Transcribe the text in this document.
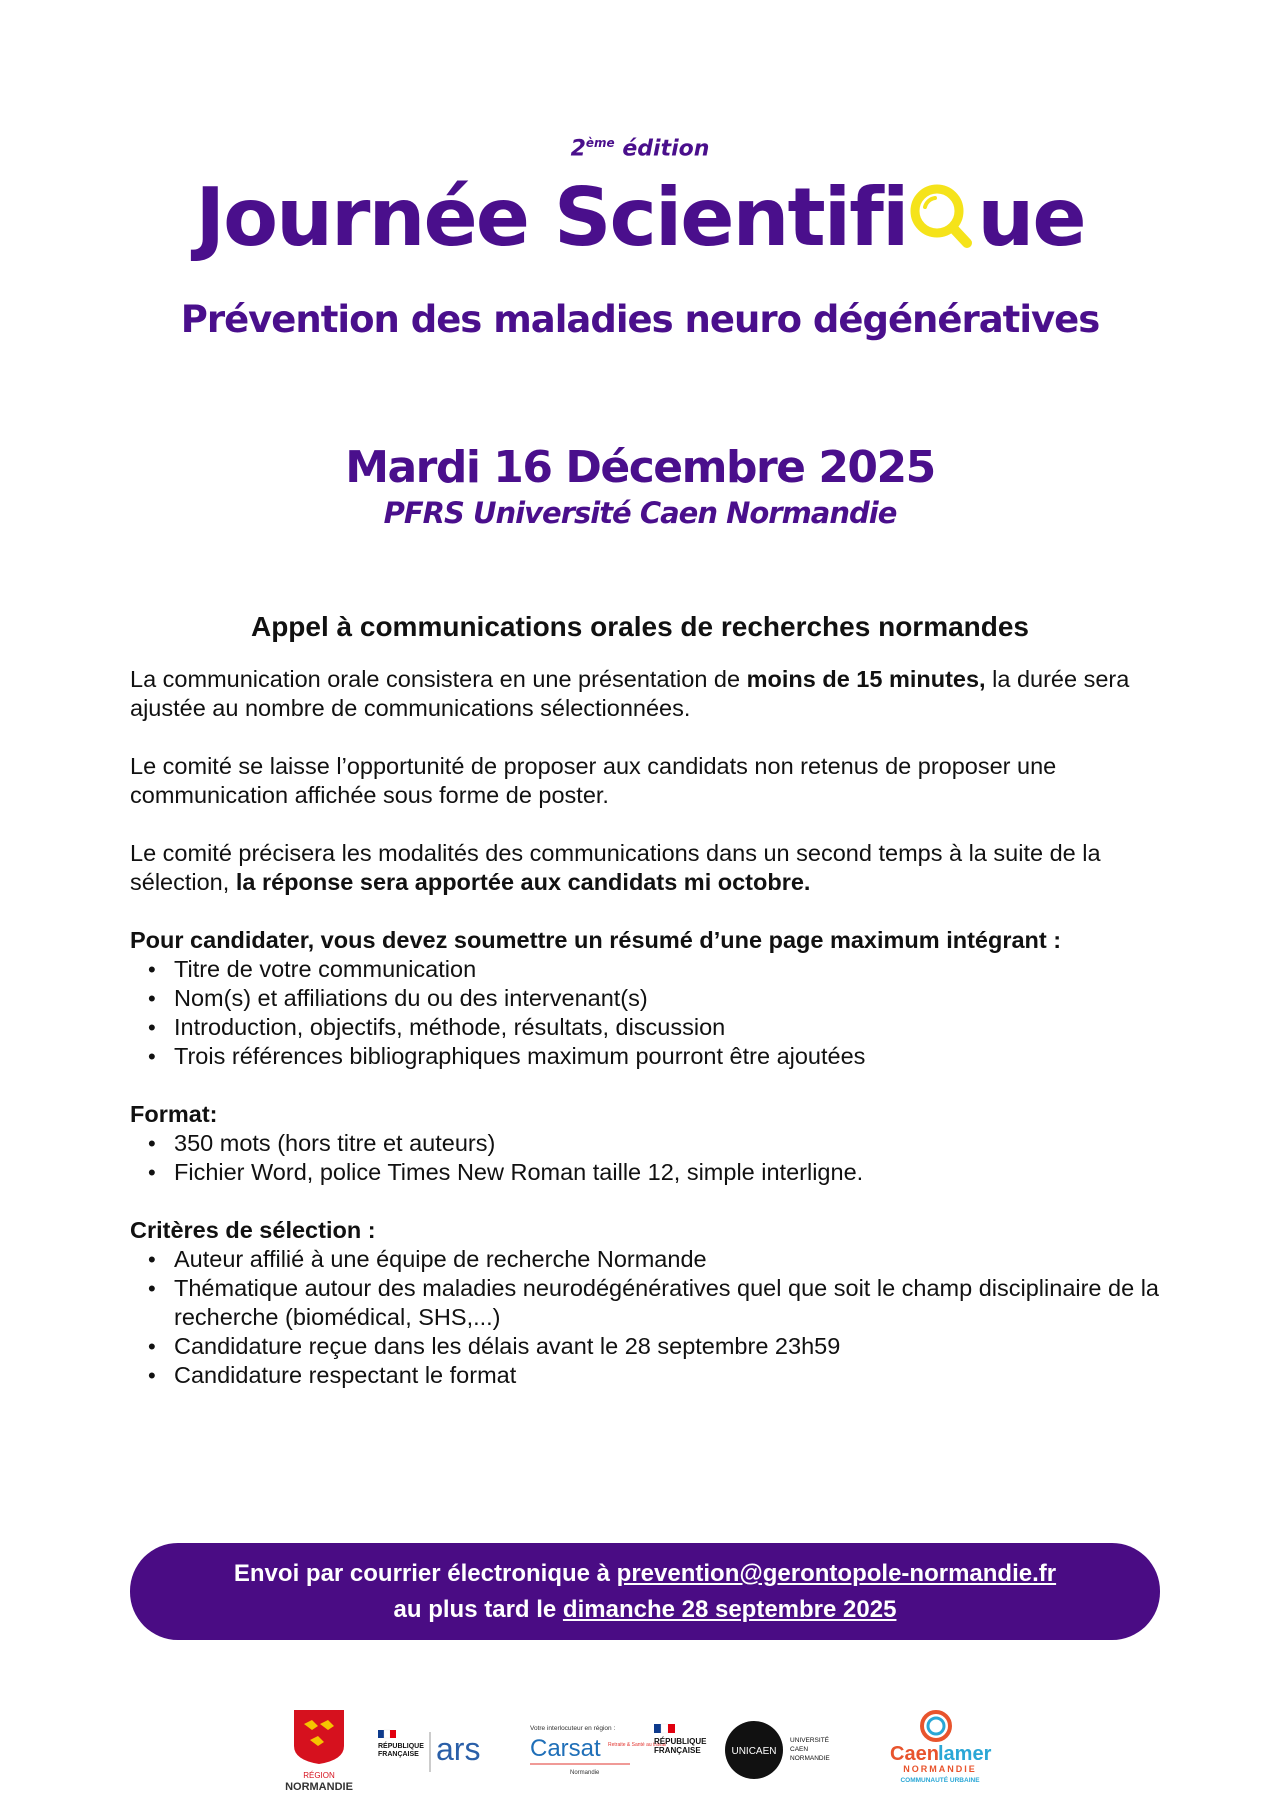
2ème édition
Journée Scientifi ue
Prévention des maladies neuro dégénératives
Mardi 16 Décembre 2025
PFRS Université Caen Normandie
Appel à communications orales de recherches normandes

La communication orale consistera en une présentation de moins de 15 minutes, la durée sera ajustée au nombre de communications sélectionnées.

Le comité se laisse l’opportunité de proposer aux candidats non retenus de proposer une communication affichée sous forme de poster.

Le comité précisera les modalités des communications dans un second temps à la suite de la sélection, la réponse sera apportée aux candidats mi octobre.

Pour candidater, vous devez soumettre un résumé d’une page maximum intégrant :
• Titre de votre communication
• Nom(s) et affiliations du ou des intervenant(s)
• Introduction, objectifs, méthode, résultats, discussion
• Trois références bibliographiques maximum pourront être ajoutées
Format:
• 350 mots (hors titre et auteurs)
• Fichier Word, police Times New Roman taille 12, simple interligne.
Critères de sélection :
• Auteur affilié à une équipe de recherche Normande
• Thématique autour des maladies neurodégénératives quel que soit le champ disciplinaire de la recherche (biomédical, SHS,...)
• Candidature reçue dans les délais avant le 28 septembre 23h59
• Candidature respectant le format
Envoi par courrier électronique à prevention@gerontopole-normandie.fr
au plus tard le dimanche 28 septembre 2025
RÉGION
NORMANDIE
RÉPUBLIQUE
FRANÇAISE ars
Votre interlocuteur en région :
Carsat Retraite & Santé au travail
Normandie
RÉPUBLIQUE
FRANÇAISE	UNICAEN
UNIVERSITÉ
CAEN
NORMANDIE	Caen lamer
NORMANDIE
COMMUNAUTÉ URBAINE
